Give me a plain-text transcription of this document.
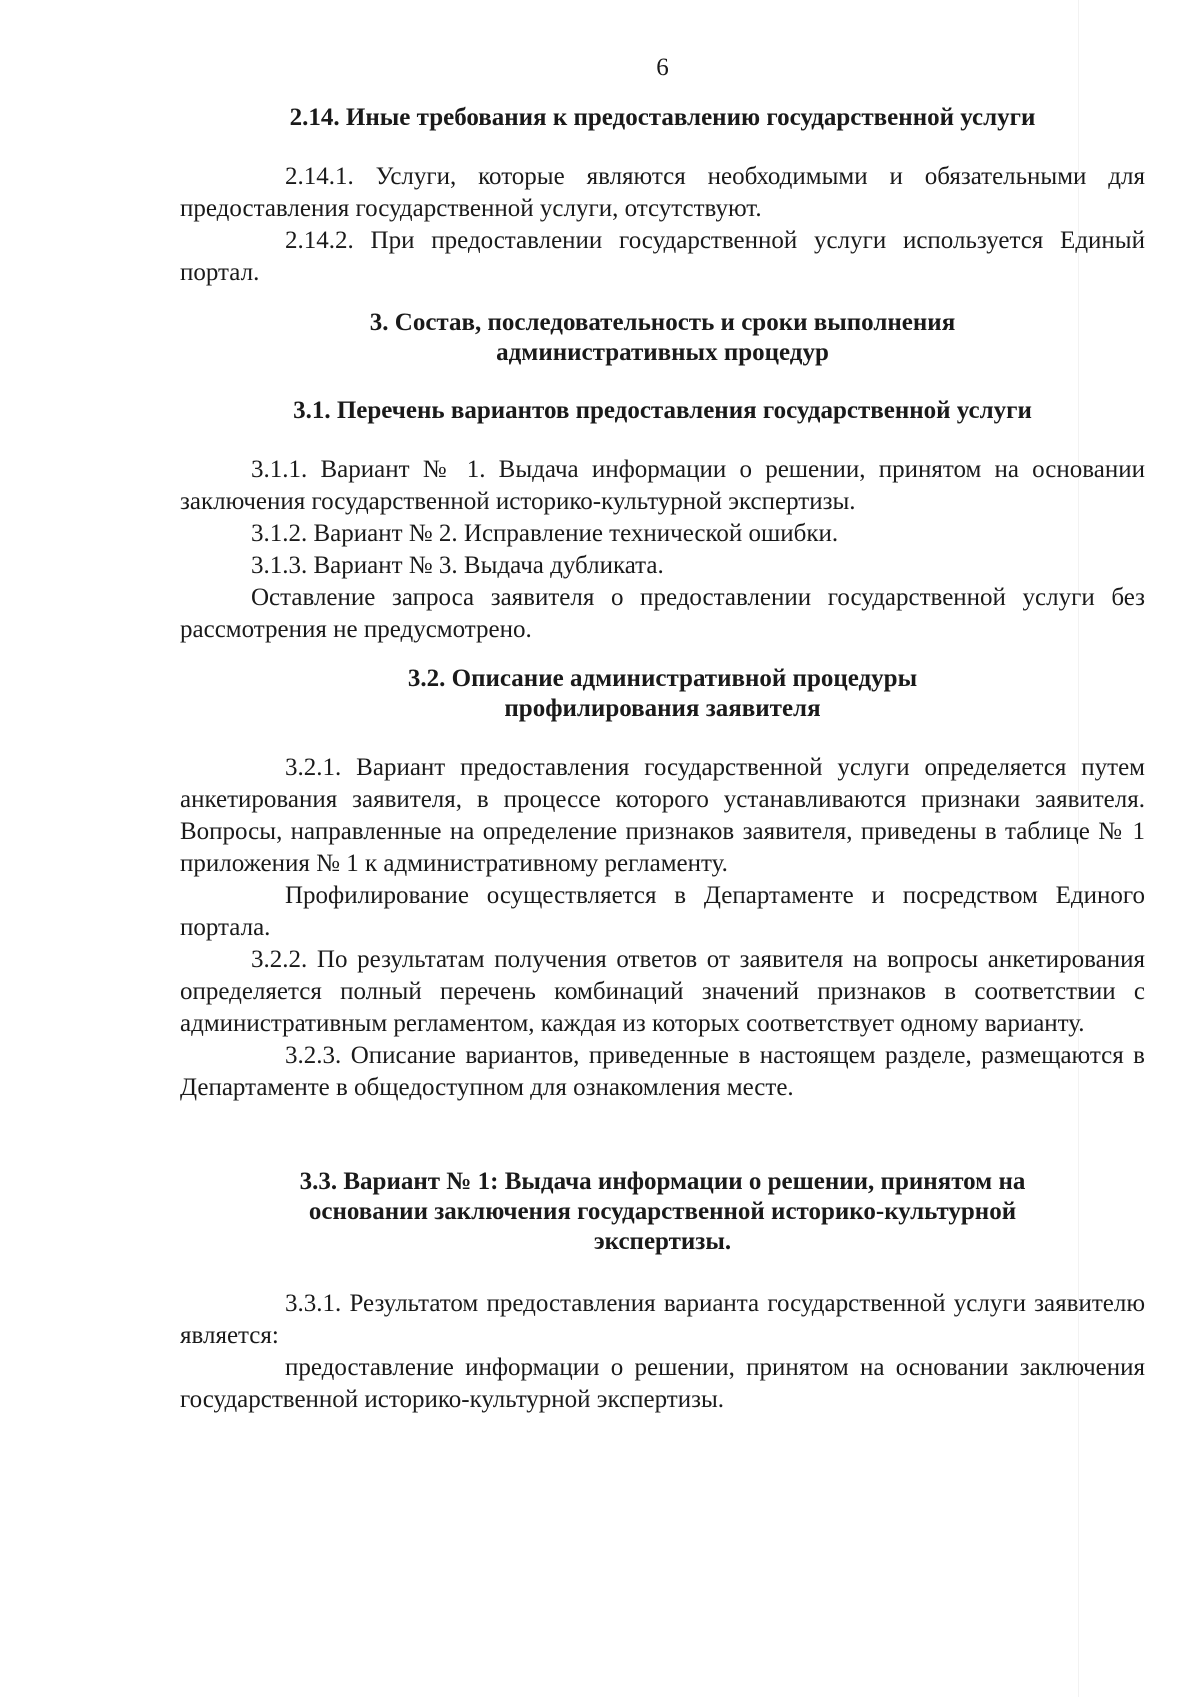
6
2.14. Иные требования к предоставлению государственной услуги

2.14.1. Услуги, которые являются необходимыми и обязательными для предоставления государственной услуги, отсутствуют.

2.14.2. При предоставлении государственной услуги используется Единый портал.

3. Состав, последовательность и сроки выполнения
административных процедур
3.1. Перечень вариантов предоставления государственной услуги

3.1.1. Вариант № 1. Выдача информации о решении, принятом на основании заключения государственной историко-культурной экспертизы.

3.1.2. Вариант № 2. Исправление технической ошибки.

3.1.3. Вариант № 3. Выдача дубликата.

Оставление запроса заявителя о предоставлении государственной услуги без рассмотрения не предусмотрено.

3.2. Описание административной процедуры
профилирования заявителя

3.2.1. Вариант предоставления государственной услуги определяется путем анкетирования заявителя, в процессе которого устанавливаются признаки заявителя. Вопросы, направленные на определение признаков заявителя, приведены в таблице № 1 приложения № 1 к административному регламенту.

Профилирование осуществляется в Департаменте и посредством Единого портала.

3.2.2. По результатам получения ответов от заявителя на вопросы анкетирования определяется полный перечень комбинаций значений признаков в соответствии с административным регламентом, каждая из которых соответствует одному варианту.

3.2.3. Описание вариантов, приведенные в настоящем разделе, размещаются в Департаменте в общедоступном для ознакомления месте.

3.3. Вариант № 1: Выдача информации о решении, принятом на
основании заключения государственной историко-культурной
экспертизы.

3.3.1. Результатом предоставления варианта государственной услуги заявителю является:

предоставление информации о решении, принятом на основании заключения государственной историко-культурной экспертизы.
